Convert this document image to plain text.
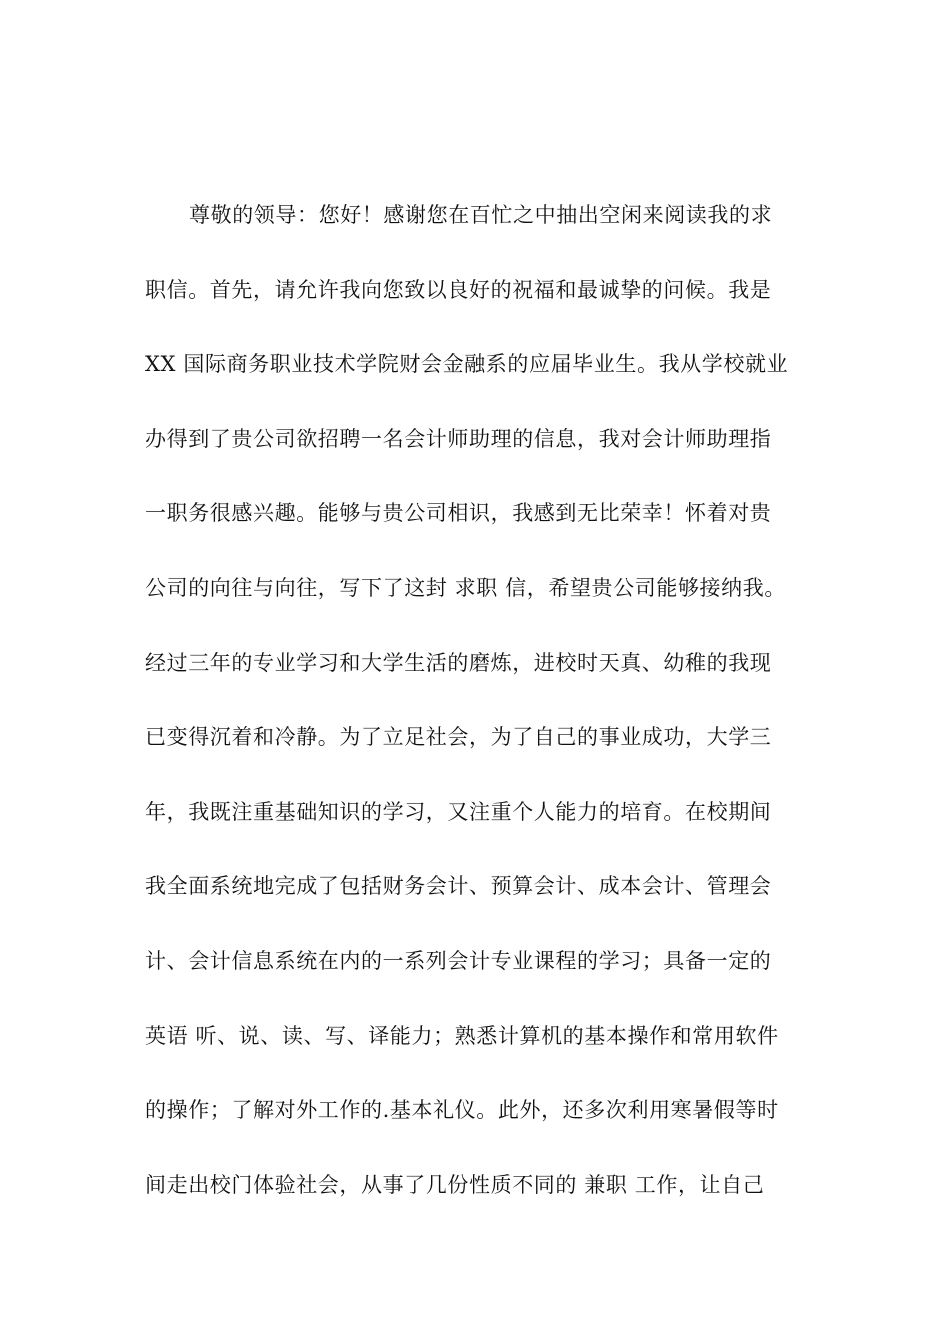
尊敬的领导：您好！感谢您在百忙之中抽出空闲来阅读我的求
职信。首先，请允许我向您致以良好的祝福和最诚挚的问候。我是
XX 国际商务职业技术学院财会金融系的应届毕业生。我从学校就业
办得到了贵公司欲招聘一名会计师助理的信息，我对会计师助理指
一职务很感兴趣。能够与贵公司相识，我感到无比荣幸！怀着对贵
公司的向往与向往，写下了这封 求职 信，希望贵公司能够接纳我。
经过三年的专业学习和大学生活的磨炼，进校时天真、幼稚的我现
已变得沉着和冷静。为了立足社会，为了自己的事业成功，大学三
年，我既注重基础知识的学习，又注重个人能力的培育。在校期间
我全面系统地完成了包括财务会计、预算会计、成本会计、管理会
计、会计信息系统在内的一系列会计专业课程的学习；具备一定的
英语 听、说、读、写、译能力；熟悉计算机的基本操作和常用软件
的操作；了解对外工作的.基本礼仪。此外，还多次利用寒暑假等时
间走出校门体验社会，从事了几份性质不同的 兼职 工作，让自己
